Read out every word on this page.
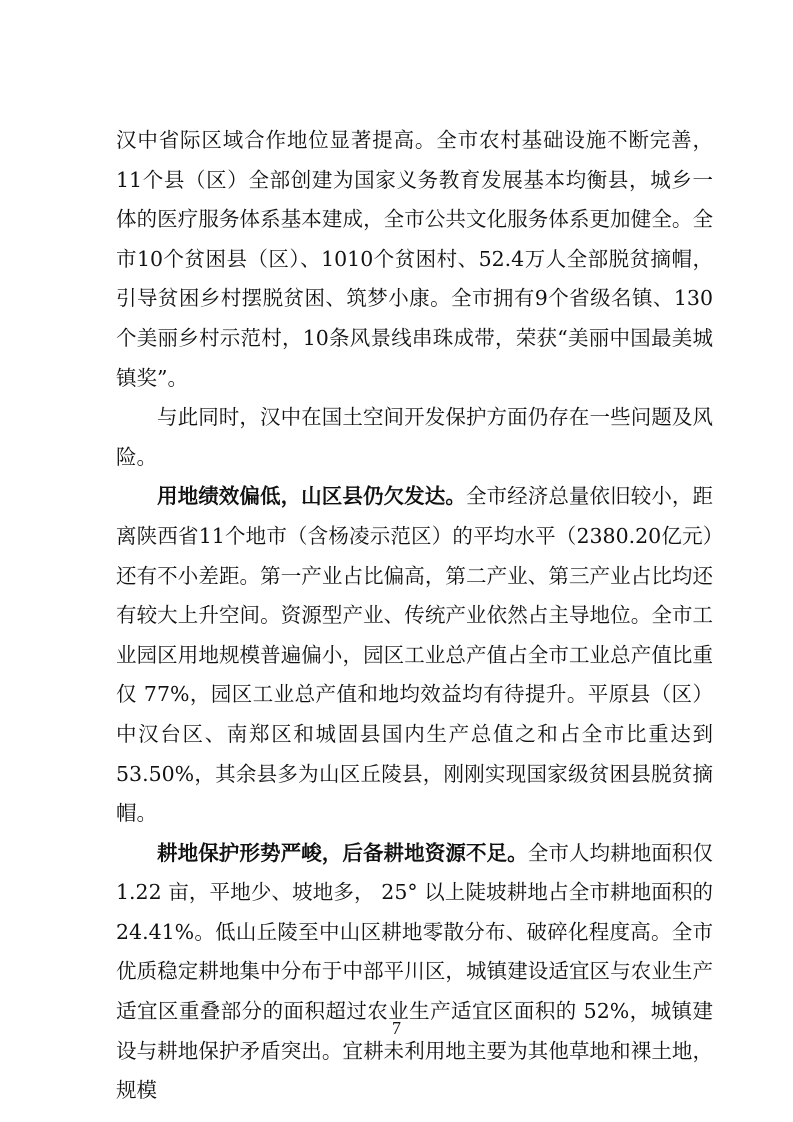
汉中省际区域合作地位显著提高。全市农村基础设施不断完善，11个县（区）全部创建为国家义务教育发展基本均衡县，城乡一体的医疗服务体系基本建成，全市公共文化服务体系更加健全。全市10个贫困县（区）、1010个贫困村、52.4万人全部脱贫摘帽，引导贫困乡村摆脱贫困、筑梦小康。全市拥有9个省级名镇、130个美丽乡村示范村，10条风景线串珠成带，荣获“美丽中国最美城镇奖”。

与此同时，汉中在国土空间开发保护方面仍存在一些问题及风险。

用地绩效偏低，山区县仍欠发达。全市经济总量依旧较小，距离陕西省11个地市（含杨凌示范区）的平均水平（2380.20亿元）还有不小差距。第一产业占比偏高，第二产业、第三产业占比均还有较大上升空间。资源型产业、传统产业依然占主导地位。全市工业园区用地规模普遍偏小，园区工业总产值占全市工业总产值比重仅 77%，园区工业总产值和地均效益均有待提升。平原县（区）中汉台区、南郑区和城固县国内生产总值之和占全市比重达到53.50%，其余县多为山区丘陵县，刚刚实现国家级贫困县脱贫摘帽。

耕地保护形势严峻，后备耕地资源不足。全市人均耕地面积仅1.22 亩，平地少、坡地多， 25° 以上陡坡耕地占全市耕地面积的24.41%。低山丘陵至中山区耕地零散分布、破碎化程度高。全市优质稳定耕地集中分布于中部平川区，城镇建设适宜区与农业生产适宜区重叠部分的面积超过农业生产适宜区面积的 52%，城镇建设与耕地保护矛盾突出。宜耕未利用地主要为其他草地和裸土地，规模

7
